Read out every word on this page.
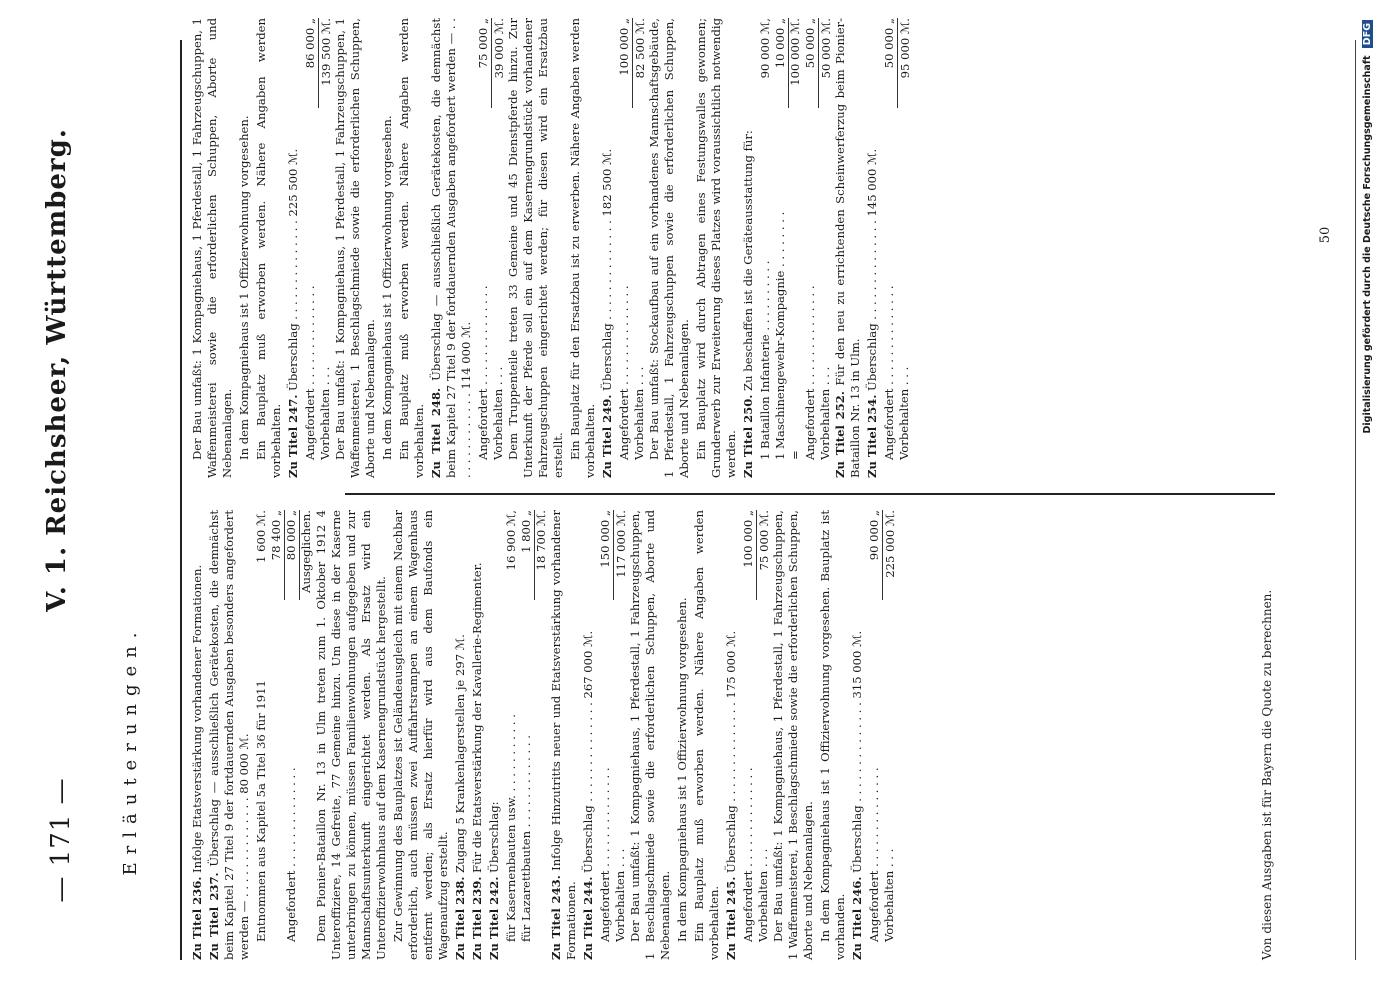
— 171 —
V. 1. Reichsheer, Württemberg.
Erläuterungen.

Zu Titel 236. Infolge Etatsverstärkung vorhandener Formationen.

Zu Titel 237. Überschlag — ausschließlich Gerätekosten, die demnächst beim Kapitel 27 Titel 9 der fortdauernden Ausgaben besonders angefordert werden — . . . . . . . . . . . . . . 80 000 ℳ. Entnommen aus Kapitel 5a Titel 36 für 1911
1 600 ℳ. 78 400 „
Angefordert . . . . . . . . . . . . . .
80 000 „ Ausgeglichen. Dem Pionier-Bataillon Nr. 13 in Ulm treten zum 1. Oktober 1912 4 Unteroffiziere, 14 Gefreite, 77 Gemeine hinzu. Um diese in der Kaserne unterbringen zu können, müssen Familienwohnungen aufgegeben und zur Mannschaftsunterkunft eingerichtet werden. Als Ersatz wird ein Unteroffizierwohnhaus auf dem Kasernengrundstück hergestellt. Zur Gewinnung des Bauplatzes ist Geländeausgleich mit einem Nachbar erforderlich, auch müssen zwei Auffahrtsrampen an einem Wagenhaus entfernt werden; als Ersatz hierfür wird aus dem Baufonds ein Wagenaufzug erstellt. Zu Titel 238. Zugang 5 Krankenlagerstellen je 297 ℳ.

Zu Titel 239. Für die Etatsverstärkung der Kavallerie-Regimenter.

Zu Titel 242. Überschlag: für Kasernenbauten usw. . . . . . . . . . . .
16 900 ℳ,
für Lazarettbauten . . . . . . . . . . . . .
1 800 „ 18 700 ℳ.

Zu Titel 243. Infolge Hinzutritts neuer und Etatsverstärkung vorhandener Formationen. Zu Titel 244. Überschlag . . . . . . . . . . . . . . 267 000 ℳ. Angefordert . . . . . . . . . . . . . .
150 000 „
Vorbehalten . . .
117 000 ℳ. Der Bau umfaßt: 1 Kompagniehaus, 1 Pferdestall, 1 Fahrzeugschuppen, 1 Beschlagschmiede sowie die erforderlichen Schuppen, Aborte und Nebenanlagen. In dem Kompagniehaus ist 1 Offizierwohnung vorgesehen. Ein Bauplatz muß erworben werden. Nähere Angaben werden vorbehalten. Zu Titel 245. Überschlag . . . . . . . . . . . . . . 175 000 ℳ. Angefordert . . . . . . . . . . . . . .
100 000 „
Vorbehalten . . .
75 000 ℳ. Der Bau umfaßt: 1 Kompagniehaus, 1 Pferdestall, 1 Fahrzeugschuppen, 1 Waffenmeisterei, 1 Beschlagschmiede sowie die erforderlichen Schuppen, Aborte und Nebenanlagen. In dem Kompagniehaus ist 1 Offizierwohnung vorgesehen. Bauplatz ist vorhanden. Zu Titel 246. Überschlag . . . . . . . . . . . . . . 315 000 ℳ. Angefordert . . . . . . . . . . . . . .
90 000 „
Vorbehalten . . .
225 000 ℳ.

Der Bau umfaßt: 1 Kompagniehaus, 1 Pferdestall, 1 Fahrzeugschuppen, 1 Waffenmeisterei sowie die erforderlichen Schuppen, Aborte und Nebenanlagen. In dem Kompagniehaus ist 1 Offizierwohnung vorgesehen. Ein Bauplatz muß erworben werden. Nähere Angaben werden vorbehalten. Zu Titel 247. Überschlag . . . . . . . . . . . . . . 225 500 ℳ. Angefordert . . . . . . . . . . . . . .
86 000 „
Vorbehalten . . .
139 500 ℳ. Der Bau umfaßt: 1 Kompagniehaus, 1 Pferdestall, 1 Fahrzeugschuppen, 1 Waffenmeisterei, 1 Beschlagschmiede sowie die erforderlichen Schuppen, Aborte und Nebenanlagen. In dem Kompagniehaus ist 1 Offizierwohnung vorgesehen. Ein Bauplatz muß erworben werden. Nähere Angaben werden vorbehalten. Zu Titel 248. Überschlag — ausschließlich Gerätekosten, die demnächst beim Kapitel 27 Titel 9 der fortdauernden Ausgaben angefordert werden — . . . . . . . . . . . . . . 114 000 ℳ. Angefordert . . . . . . . . . . . . . .
75 000 „
Vorbehalten . . .
39 000 ℳ. Dem Truppenteile treten 33 Gemeine und 45 Dienstpferde hinzu. Zur Unterkunft der Pferde soll ein auf dem Kasernengrundstück vorhandener Fahrzeugschuppen eingerichtet werden; für diesen wird ein Ersatzbau erstellt. Ein Bauplatz für den Ersatzbau ist zu erwerben. Nähere Angaben werden vorbehalten. Zu Titel 249. Überschlag . . . . . . . . . . . . . . 182 500 ℳ. Angefordert . . . . . . . . . . . . . .
100 000 „
Vorbehalten . . .
82 500 ℳ. Der Bau umfaßt: Stockaufbau auf ein vorhandenes Mannschaftsgebäude, 1 Pferdestall, 1 Fahrzeugschuppen sowie die erforderlichen Schuppen, Aborte und Nebenanlagen. Ein Bauplatz wird durch Abtragen eines Festungswalles gewonnen; Grunderwerb zur Erweiterung dieses Platzes wird voraussichtlich notwendig werden. Zu Titel 250. Zu beschaffen ist die Geräteausstattung für: 1 Bataillon Infanterie . . . . . . . . . .
90 000 ℳ,
1 Maschinengewehr-Kompagnie . . . . . . . .
10 000 „
=
100 000 ℳ.
Angefordert . . . . . . . . . . . . . .
50 000 „
Vorbehalten . . .
50 000 ℳ.

Zu Titel 252. Für den neu zu errichtenden Scheinwerferzug beim Pionier-Bataillon Nr. 13 in Ulm. Zu Titel 254. Überschlag . . . . . . . . . . . . . . 145 000 ℳ. Angefordert . . . . . . . . . . . . . .
50 000 „
Vorbehalten . . .
95 000 ℳ.
Von diesen Ausgaben ist für Bayern die Quote zu berechnen.
50	Digitalisierung gefördert durch die Deutsche Forschungsgemeinschaft DFG
